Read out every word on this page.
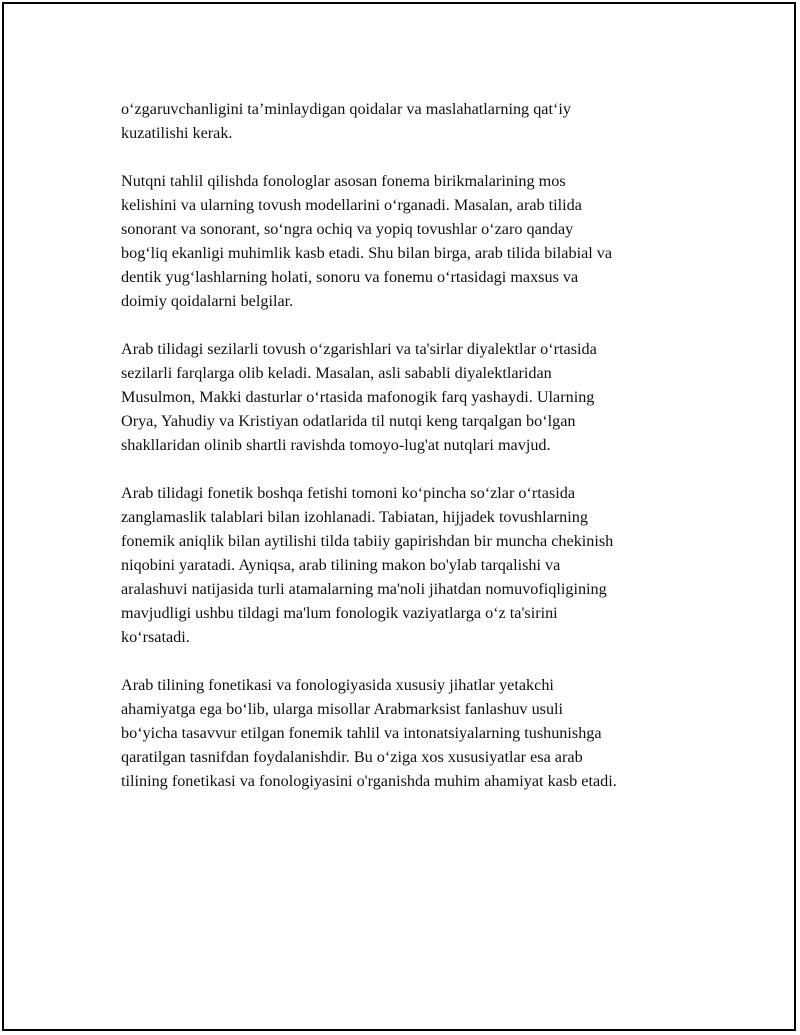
o‘zgaruvchanligini ta’minlaydigan qoidalar va maslahatlarning qat‘iy
kuzatilishi kerak.

Nutqni tahlil qilishda fonologlar asosan fonema birikmalarining mos
kelishini va ularning tovush modellarini o‘rganadi. Masalan, arab tilida
sonorant va sonorant, so‘ngra ochiq va yopiq tovushlar o‘zaro qanday
bog‘liq ekanligi muhimlik kasb etadi. Shu bilan birga, arab tilida bilabial va
dentik yug‘lashlarning holati, sonoru va fonemu o‘rtasidagi maxsus va
doimiy qoidalarni belgilar.

Arab tilidagi sezilarli tovush o‘zgarishlari va ta'sirlar diyalektlar o‘rtasida
sezilarli farqlarga olib keladi. Masalan, asli sababli diyalektlaridan
Musulmon, Makki dasturlar o‘rtasida mafonogik farq yashaydi. Ularning
Orya, Yahudiy va Kristiyan odatlarida til nutqi keng tarqalgan bo‘lgan
shakllaridan olinib shartli ravishda tomoyo-lug'at nutqlari mavjud.

Arab tilidagi fonetik boshqa fetishi tomoni ko‘pincha so‘zlar o‘rtasida
zanglamaslik talablari bilan izohlanadi. Tabiatan, hijjadek tovushlarning
fonemik aniqlik bilan aytilishi tilda tabiiy gapirishdan bir muncha chekinish
niqobini yaratadi. Ayniqsa, arab tilining makon bo'ylab tarqalishi va
aralashuvi natijasida turli atamalarning ma'noli jihatdan nomuvofiqligining
mavjudligi ushbu tildagi ma'lum fonologik vaziyatlarga o‘z ta'sirini
ko‘rsatadi.

Arab tilining fonetikasi va fonologiyasida xususiy jihatlar yetakchi
ahamiyatga ega bo‘lib, ularga misollar Arabmarksist fanlashuv usuli
bo‘yicha tasavvur etilgan fonemik tahlil va intonatsiyalarning tushunishga
qaratilgan tasnifdan foydalanishdir. Bu o‘ziga xos xususiyatlar esa arab
tilining fonetikasi va fonologiyasini o'rganishda muhim ahamiyat kasb etadi.
